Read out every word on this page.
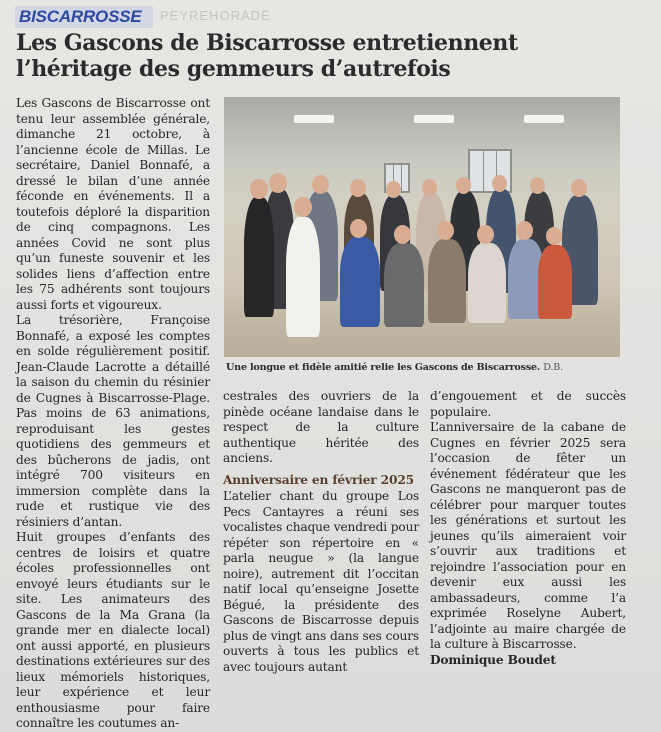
BISCARROSSE	PEYREHORADE
Les Gascons de Biscarrosse entretiennent l’héritage des gemmeurs d’autrefois

Les Gascons de Biscarrosse ont tenu leur assemblée générale, dimanche 21 octobre, à l’ancienne école de Millas. Le secrétaire, Daniel Bonnafé, a dressé le bilan d’une année féconde en événements. Il a toutefois déploré la disparition de cinq compagnons. Les années Covid ne sont plus qu’un funeste souvenir et les solides liens d’affection entre les 75 adhérents sont toujours aussi forts et vigoureux.

La trésorière, Françoise Bonnafé, a exposé les comptes en solde régulièrement positif. Jean-Claude Lacrotte a détaillé la saison du chemin du résinier de Cugnes à Biscarrosse-Plage. Pas moins de 63 animations, reproduisant les gestes quotidiens des gemmeurs et des bûcherons de jadis, ont intégré 700 visiteurs en immersion complète dans la rude et rustique vie des résiniers d’antan.

Huit groupes d’enfants des centres de loisirs et quatre écoles professionnelles ont envoyé leurs étudiants sur le site. Les animateurs des Gascons de la Ma Grana (la grande mer en dialecte local) ont aussi apporté, en plusieurs destinations extérieures sur des lieux mémoriels historiques, leur expérience et leur enthousiasme pour faire connaître les coutumes an-

Une longue et fidèle amitié relie les Gascons de Biscarrosse. D.B.

cestrales des ouvriers de la pinède océane landaise dans le respect de la culture authentique héritée des anciens.

Anniversaire en février 2025

L’atelier chant du groupe Los Pecs Cantayres a réuni ses vocalistes chaque vendredi pour répéter son répertoire en « parla neugue » (la langue noire), autrement dit l’occitan natif local qu’enseigne Josette Bégué, la présidente des Gascons de Biscarrosse depuis plus de vingt ans dans ses cours ouverts à tous les publics et avec toujours autant

d’engouement et de succès populaire.

L’anniversaire de la cabane de Cugnes en février 2025 sera l’occasion de fêter un événement fédérateur que les Gascons ne manqueront pas de célébrer pour marquer toutes les générations et surtout les jeunes qu’ils aimeraient voir s’ouvrir aux traditions et rejoindre l’association pour en devenir eux aussi les ambassadeurs, comme l’a exprimée Roselyne Aubert, l’adjointe au maire chargée de la culture à Biscarrosse.

Dominique Boudet
